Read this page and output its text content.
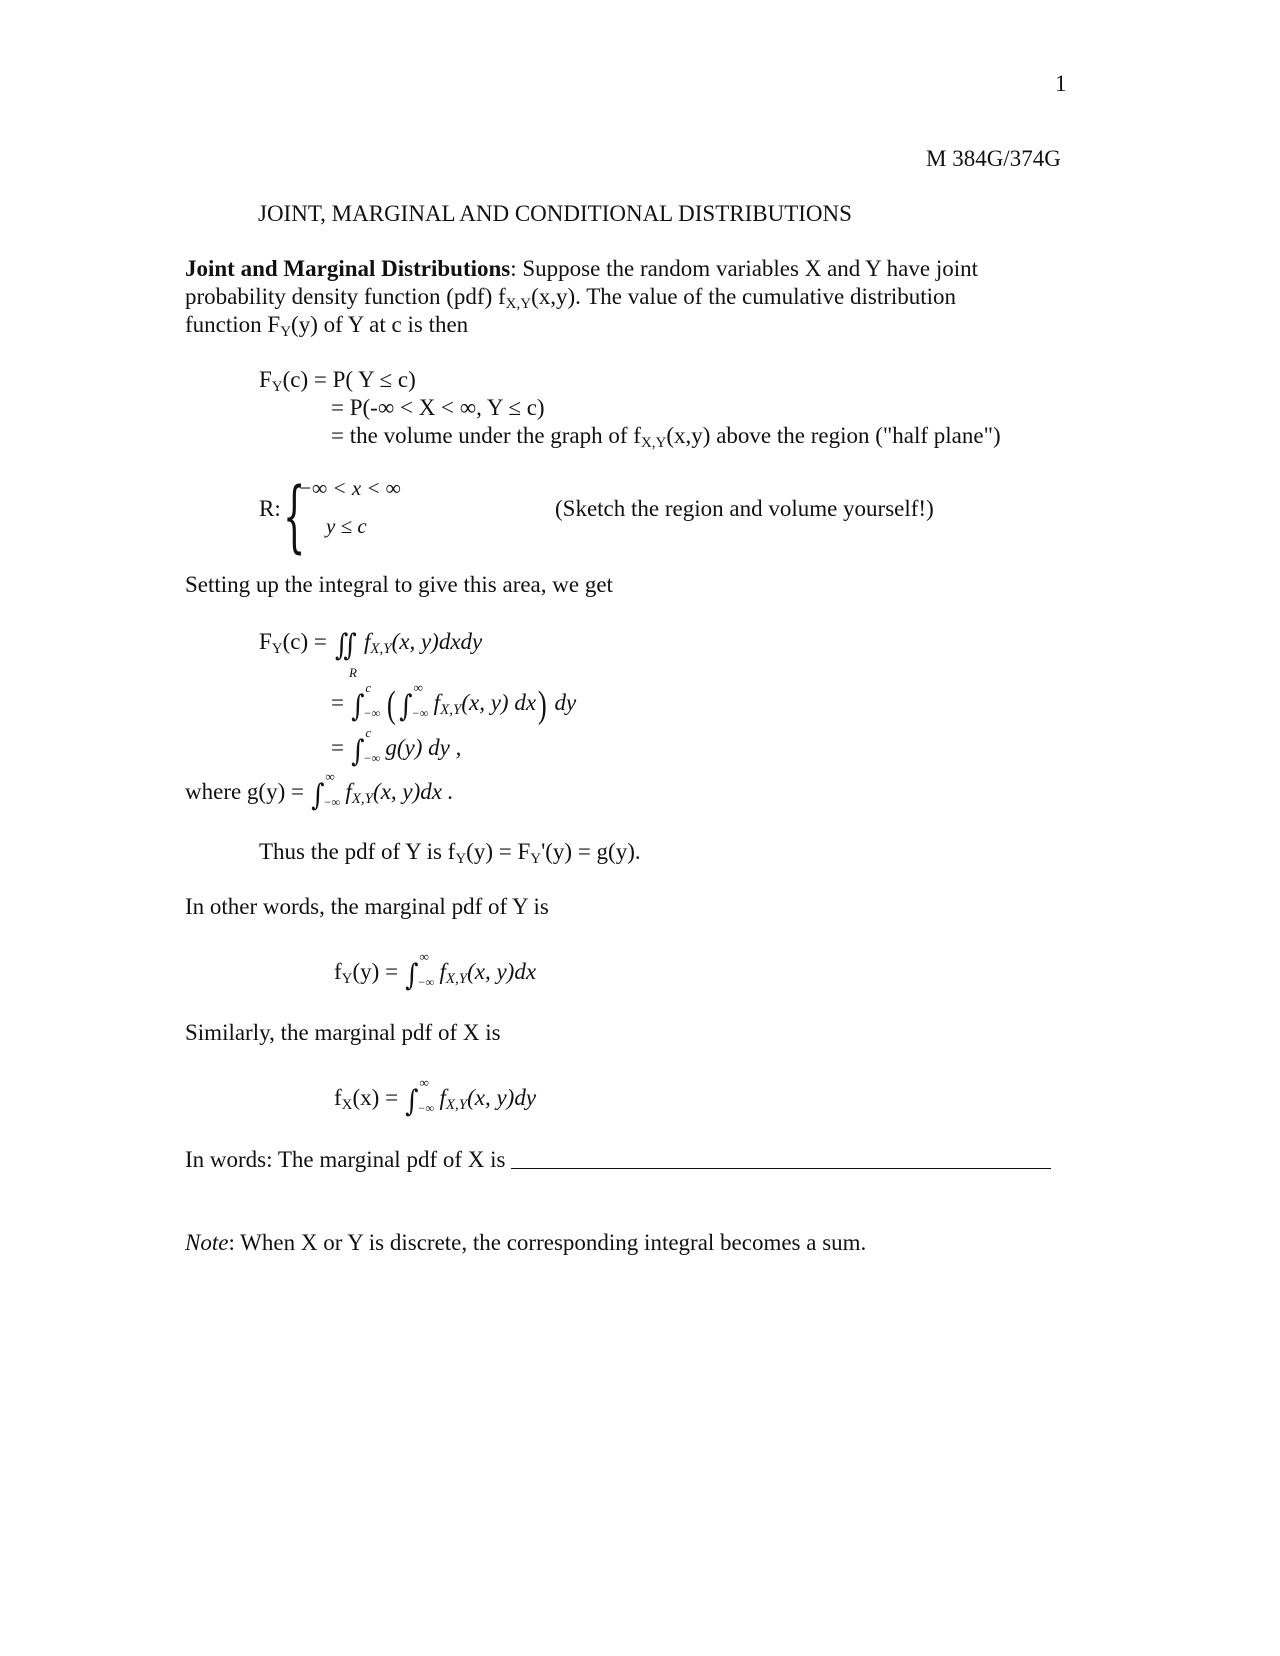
1
M 384G/374G
JOINT, MARGINAL AND CONDITIONAL DISTRIBUTIONS
Joint and Marginal Distributions: Suppose the random variables X and Y have joint
probability density function (pdf) $f_{X,Y}(x,y)$. The value of the cumulative distribution
function $F_Y(y)$ of Y at c is then
$F_Y(c) = P$( Y ≤ c)
= P(-∞ < X < ∞, Y ≤ c)
= the volume under the graph of $f_{X,Y}(x,y)$ above the region ("half plane")
R: {
−∞ < x < ∞
y ≤ c
(Sketch the region and volume yourself!)
Setting up the integral to give this area, we get
$F_Y(c)$ = ∬ $f_{X,Y}(x$, y)dxdy
R
= ∫
c
−∞ ( ∫
∞
−∞ $f_{X,Y}(x$, y) dx) dy
= ∫
c
−∞ g(y) dy ,
where g(y) = ∫
∞
−∞ $f_{X,Y}(x$, y)dx .
Thus the pdf of Y is $f_Y(y) = F_Y'(y) = g(y)$.
In other words, the marginal pdf of Y is
$f_Y(y)$ = ∫
∞
−∞ $f_{X,Y}(x$, y)dx
Similarly, the marginal pdf of X is
$f_X(x)$ = ∫
∞
−∞ $f_{X,Y}(x$, y)dy
In words: The marginal pdf of X is
Note: When X or Y is discrete, the corresponding integral becomes a sum.
